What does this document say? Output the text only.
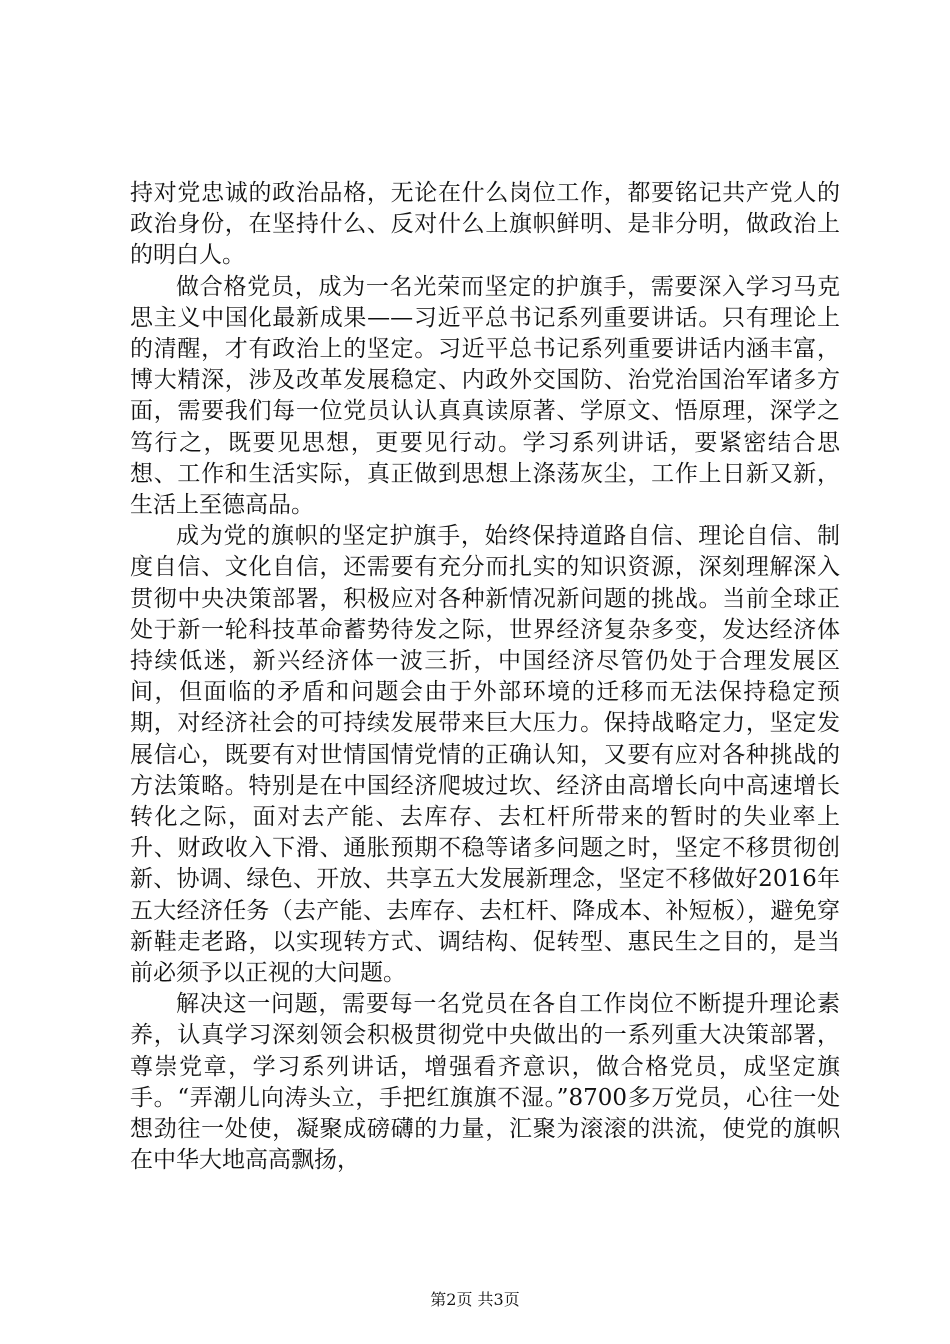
持对党忠诚的政治品格，无论在什么岗位工作，都要铭记共产党人的政治身份，在坚持什么、反对什么上旗帜鲜明、是非分明，做政治上的明白人。

做合格党员，成为一名光荣而坚定的护旗手，需要深入学习马克思主义中国化最新成果——习近平总书记系列重要讲话。只有理论上的清醒，才有政治上的坚定。习近平总书记系列重要讲话内涵丰富，博大精深，涉及改革发展稳定、内政外交国防、治党治国治军诸多方面，需要我们每一位党员认认真真读原著、学原文、悟原理，深学之笃行之，既要见思想，更要见行动。学习系列讲话，要紧密结合思想、工作和生活实际，真正做到思想上涤荡灰尘，工作上日新又新，生活上至德高品。

成为党的旗帜的坚定护旗手，始终保持道路自信、理论自信、制度自信、文化自信，还需要有充分而扎实的知识资源，深刻理解深入贯彻中央决策部署，积极应对各种新情况新问题的挑战。当前全球正处于新一轮科技革命蓄势待发之际，世界经济复杂多变，发达经济体持续低迷，新兴经济体一波三折，中国经济尽管仍处于合理发展区间，但面临的矛盾和问题会由于外部环境的迁移而无法保持稳定预期，对经济社会的可持续发展带来巨大压力。保持战略定力，坚定发展信心，既要有对世情国情党情的正确认知，又要有应对各种挑战的方法策略。特别是在中国经济爬坡过坎、经济由高增长向中高速增长转化之际，面对去产能、去库存、去杠杆所带来的暂时的失业率上升、财政收入下滑、通胀预期不稳等诸多问题之时，坚定不移贯彻创新、协调、绿色、开放、共享五大发展新理念，坚定不移做好2016年五大经济任务（去产能、去库存、去杠杆、降成本、补短板），避免穿新鞋走老路，以实现转方式、调结构、促转型、惠民生之目的，是当前必须予以正视的大问题。

解决这一问题，需要每一名党员在各自工作岗位不断提升理论素养，认真学习深刻领会积极贯彻党中央做出的一系列重大决策部署，尊崇党章，学习系列讲话，增强看齐意识，做合格党员，成坚定旗手。“弄潮儿向涛头立，手把红旗旗不湿。”8700多万党员，心往一处想劲往一处使，凝聚成磅礴的力量，汇聚为滚滚的洪流，使党的旗帜在中华大地高高飘扬，

第2页 共3页
